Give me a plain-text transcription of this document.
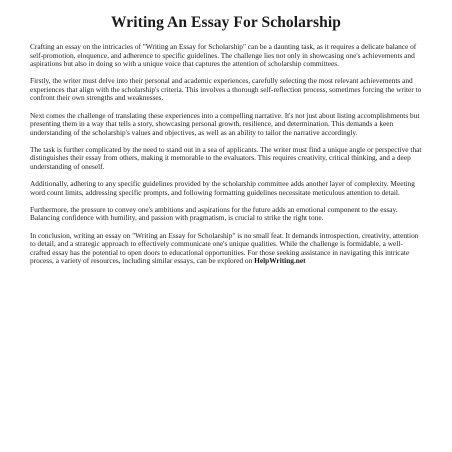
Writing An Essay For Scholarship

Crafting an essay on the intricacies of "Writing an Essay for Scholarship" can be a daunting task, as it requires a delicate balance of self-promotion, eloquence, and adherence to specific guidelines. The challenge lies not only in showcasing one's achievements and aspirations but also in doing so with a unique voice that captures the attention of scholarship committees.

Firstly, the writer must delve into their personal and academic experiences, carefully selecting the most relevant achievements and experiences that align with the scholarship's criteria. This involves a thorough self-reflection process, sometimes forcing the writer to confront their own strengths and weaknesses.

Next comes the challenge of translating these experiences into a compelling narrative. It's not just about listing accomplishments but presenting them in a way that tells a story, showcasing personal growth, resilience, and determination. This demands a keen understanding of the scholarship's values and objectives, as well as an ability to tailor the narrative accordingly.

The task is further complicated by the need to stand out in a sea of applicants. The writer must find a unique angle or perspective that distinguishes their essay from others, making it memorable to the evaluators. This requires creativity, critical thinking, and a deep understanding of oneself.

Additionally, adhering to any specific guidelines provided by the scholarship committee adds another layer of complexity. Meeting word count limits, addressing specific prompts, and following formatting guidelines necessitate meticulous attention to detail.

Furthermore, the pressure to convey one's ambitions and aspirations for the future adds an emotional component to the essay. Balancing confidence with humility, and passion with pragmatism, is crucial to strike the right tone.

In conclusion, writing an essay on "Writing an Essay for Scholarship" is no small feat. It demands introspection, creativity, attention to detail, and a strategic approach to effectively communicate one's unique qualities. While the challenge is formidable, a well-crafted essay has the potential to open doors to educational opportunities. For those seeking assistance in navigating this intricate process, a variety of resources, including similar essays, can be explored on HelpWriting.net
